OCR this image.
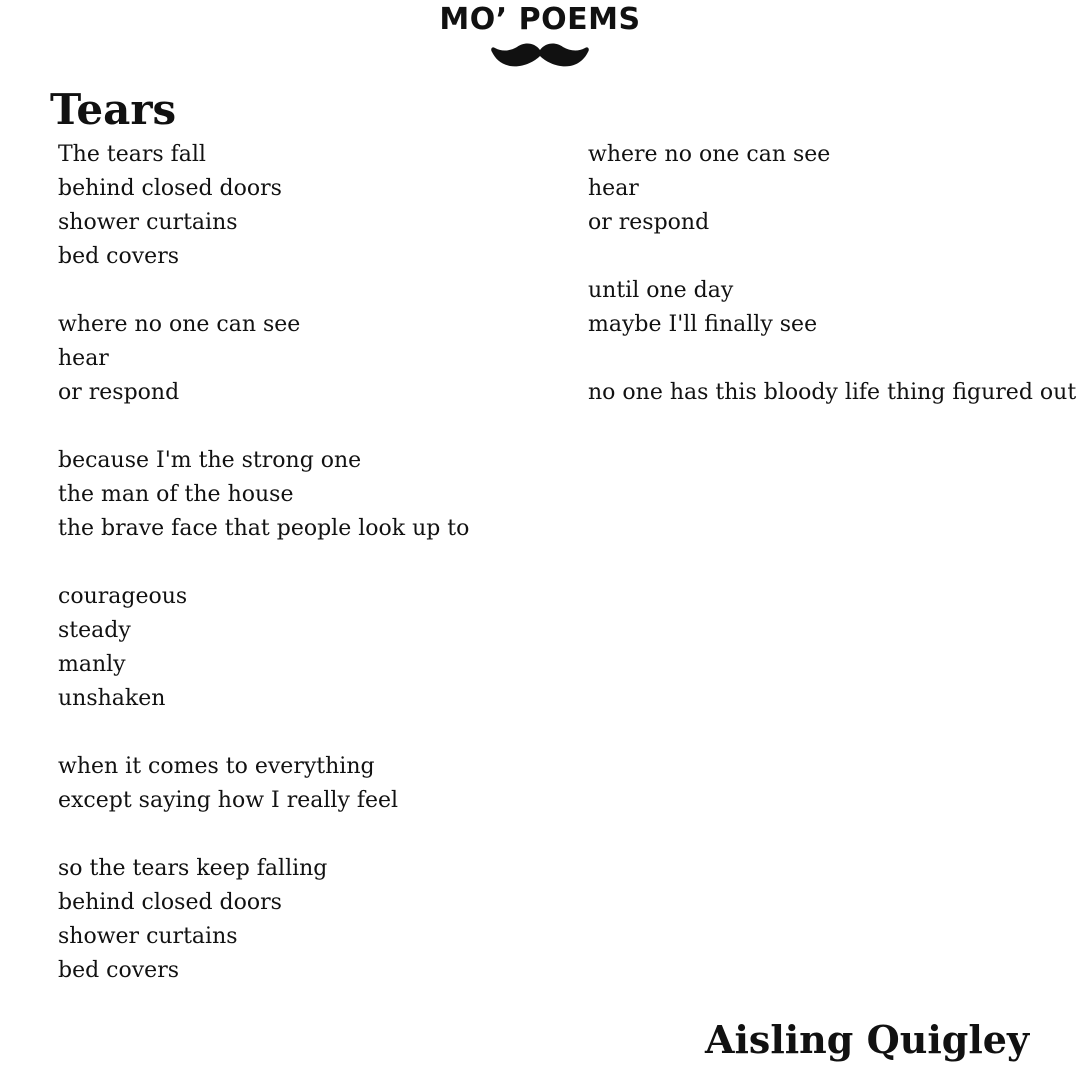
MO’ POEMS
Tears
The tears fall
behind closed doors
shower curtains
bed covers
where no one can see
hear
or respond
because I'm the strong one
the man of the house
the brave face that people look up to
courageous
steady
manly
unshaken
when it comes to everything
except saying how I really feel
so the tears keep falling
behind closed doors
shower curtains
bed covers
where no one can see
hear
or respond
until one day
maybe I'll finally see
no one has this bloody life thing figured out
Aisling Quigley
